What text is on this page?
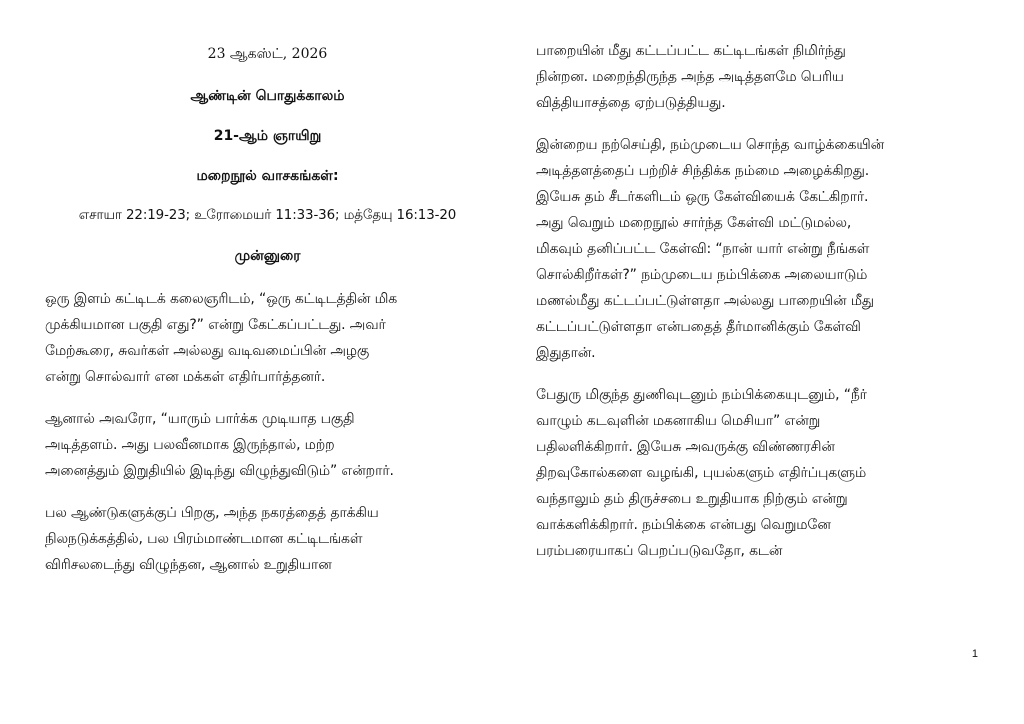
23 ஆகஸ்ட், 2026
ஆண்டின் பொதுக்காலம்
21-ஆம் ஞாயிறு
மறைநூல் வாசகங்கள்:
எசாயா 22:19-23; உரோமையர் 11:33-36; மத்தேயு 16:13-20
முன்னுரை
ஒரு இளம் கட்டிடக் கலைஞரிடம், “ஒரு கட்டிடத்தின் மிக
முக்கியமான பகுதி எது?” என்று கேட்கப்பட்டது. அவர்
மேற்கூரை, சுவர்கள் அல்லது வடிவமைப்பின் அழகு
என்று சொல்வார் என மக்கள் எதிர்பார்த்தனர்.
ஆனால் அவரோ, “யாரும் பார்க்க முடியாத பகுதி
அடித்தளம். அது பலவீனமாக இருந்தால், மற்ற
அனைத்தும் இறுதியில் இடிந்து விழுந்துவிடும்” என்றார்.
பல ஆண்டுகளுக்குப் பிறகு, அந்த நகரத்தைத் தாக்கிய
நிலநடுக்கத்தில், பல பிரம்மாண்டமான கட்டிடங்கள்
விரிசலடைந்து விழுந்தன, ஆனால் உறுதியான
பாறையின் மீது கட்டப்பட்ட கட்டிடங்கள் நிமிர்ந்து
நின்றன. மறைந்திருந்த அந்த அடித்தளமே பெரிய
வித்தியாசத்தை ஏற்படுத்தியது.
இன்றைய நற்செய்தி, நம்முடைய சொந்த வாழ்க்கையின்
அடித்தளத்தைப் பற்றிச் சிந்திக்க நம்மை அழைக்கிறது.
இயேசு தம் சீடர்களிடம் ஒரு கேள்வியைக் கேட்கிறார்.
அது வெறும் மறைநூல் சார்ந்த கேள்வி மட்டுமல்ல,
மிகவும் தனிப்பட்ட கேள்வி: “நான் யார் என்று நீங்கள்
சொல்கிறீர்கள்?” நம்முடைய நம்பிக்கை அலையாடும்
மணல்மீது கட்டப்பட்டுள்ளதா அல்லது பாறையின் மீது
கட்டப்பட்டுள்ளதா என்பதைத் தீர்மானிக்கும் கேள்வி
இதுதான்.
பேதுரு மிகுந்த துணிவுடனும் நம்பிக்கையுடனும், “நீர்
வாழும் கடவுளின் மகனாகிய மெசியா” என்று
பதிலளிக்கிறார். இயேசு அவருக்கு விண்ணரசின்
திறவுகோல்களை வழங்கி, புயல்களும் எதிர்ப்புகளும்
வந்தாலும் தம் திருச்சபை உறுதியாக நிற்கும் என்று
வாக்களிக்கிறார். நம்பிக்கை என்பது வெறுமனே
பரம்பரையாகப் பெறப்படுவதோ, கடன்
1
